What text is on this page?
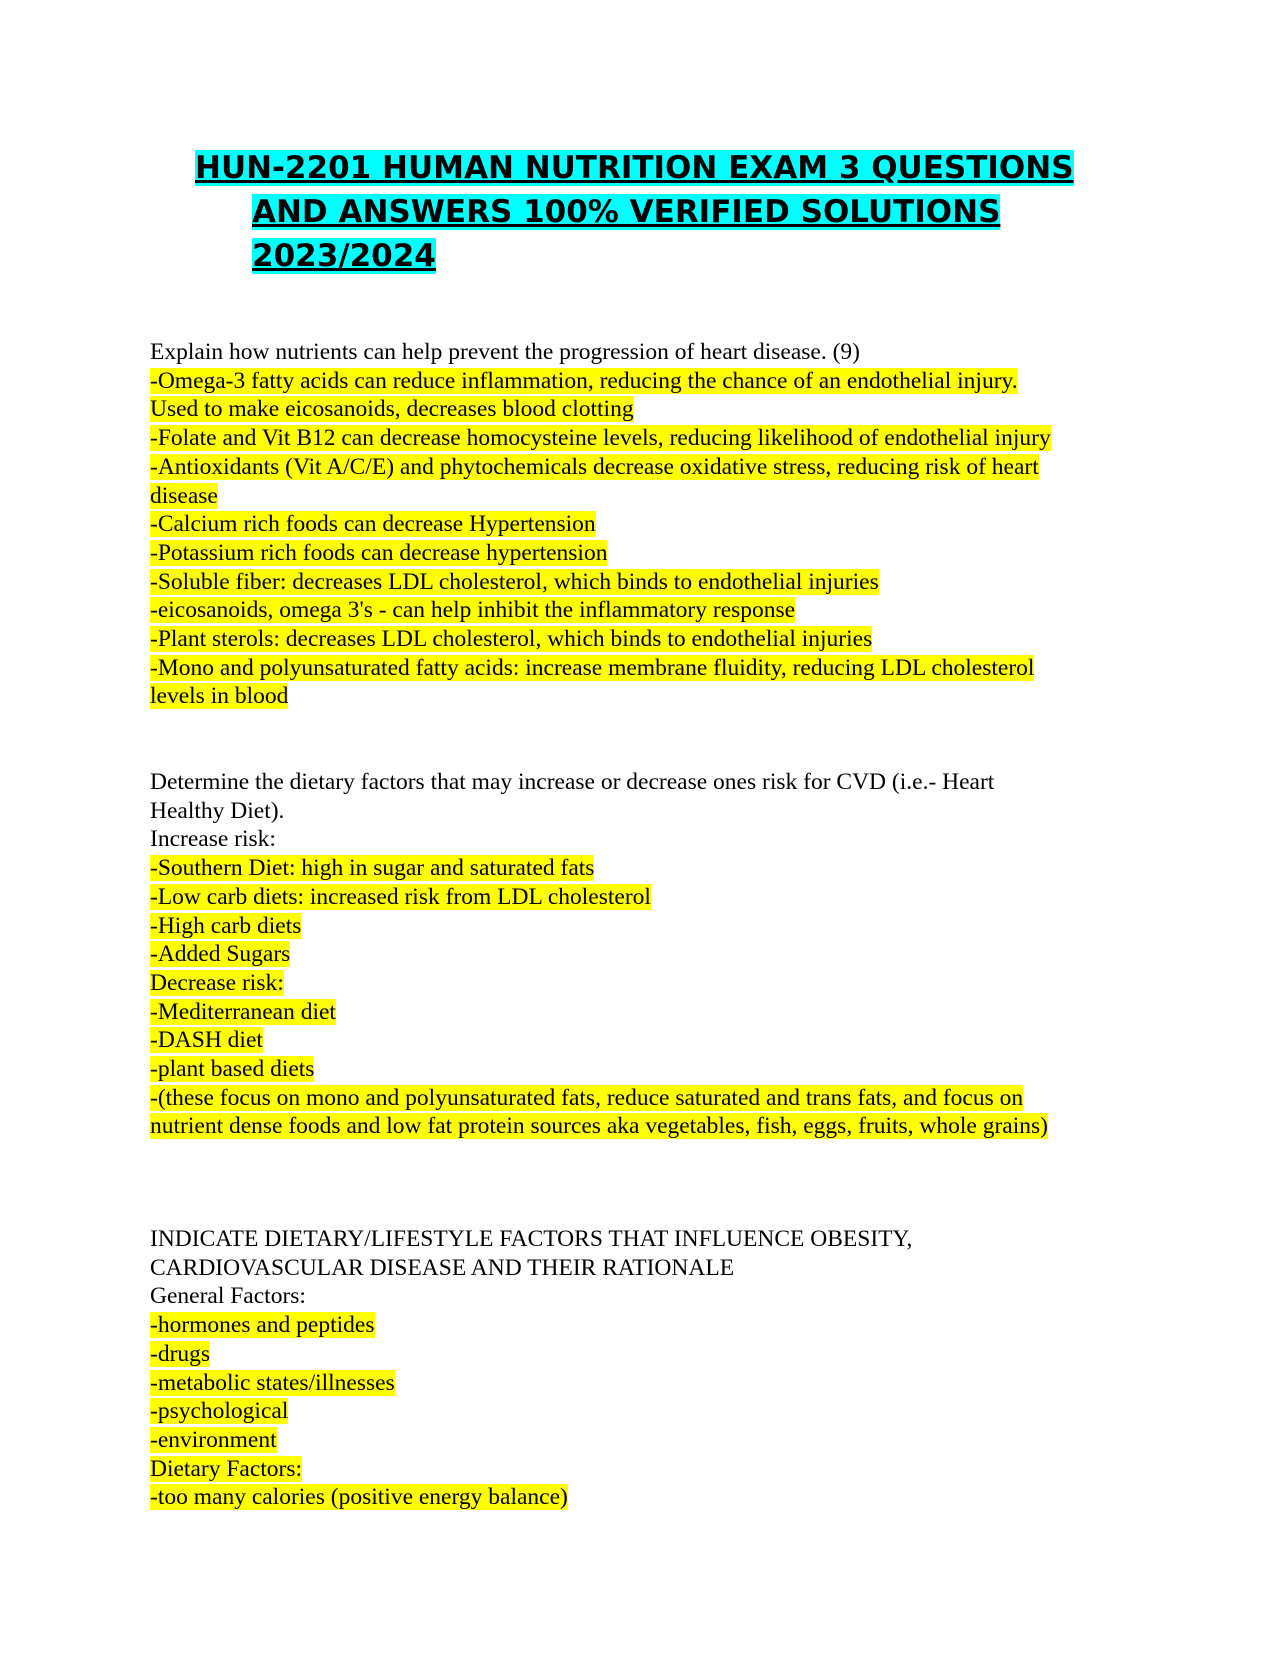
HUN-2201 HUMAN NUTRITION EXAM 3 QUESTIONS
AND ANSWERS 100% VERIFIED SOLUTIONS
2023/2024
Explain how nutrients can help prevent the progression of heart disease. (9)
-Omega-3 fatty acids can reduce inflammation, reducing the chance of an endothelial injury.
Used to make eicosanoids, decreases blood clotting
-Folate and Vit B12 can decrease homocysteine levels, reducing likelihood of endothelial injury
-Antioxidants (Vit A/C/E) and phytochemicals decrease oxidative stress, reducing risk of heart
disease
-Calcium rich foods can decrease Hypertension
-Potassium rich foods can decrease hypertension
-Soluble fiber: decreases LDL cholesterol, which binds to endothelial injuries
-eicosanoids, omega 3's - can help inhibit the inflammatory response
-Plant sterols: decreases LDL cholesterol, which binds to endothelial injuries
-Mono and polyunsaturated fatty acids: increase membrane fluidity, reducing LDL cholesterol
levels in blood
Determine the dietary factors that may increase or decrease ones risk for CVD (i.e.- Heart
Healthy Diet).
Increase risk:
-Southern Diet: high in sugar and saturated fats
-Low carb diets: increased risk from LDL cholesterol
-High carb diets
-Added Sugars
Decrease risk:
-Mediterranean diet
-DASH diet
-plant based diets
-(these focus on mono and polyunsaturated fats, reduce saturated and trans fats, and focus on
nutrient dense foods and low fat protein sources aka vegetables, fish, eggs, fruits, whole grains)
INDICATE DIETARY/LIFESTYLE FACTORS THAT INFLUENCE OBESITY,
CARDIOVASCULAR DISEASE AND THEIR RATIONALE
General Factors:
-hormones and peptides
-drugs
-metabolic states/illnesses
-psychological
-environment
Dietary Factors:
-too many calories (positive energy balance)
